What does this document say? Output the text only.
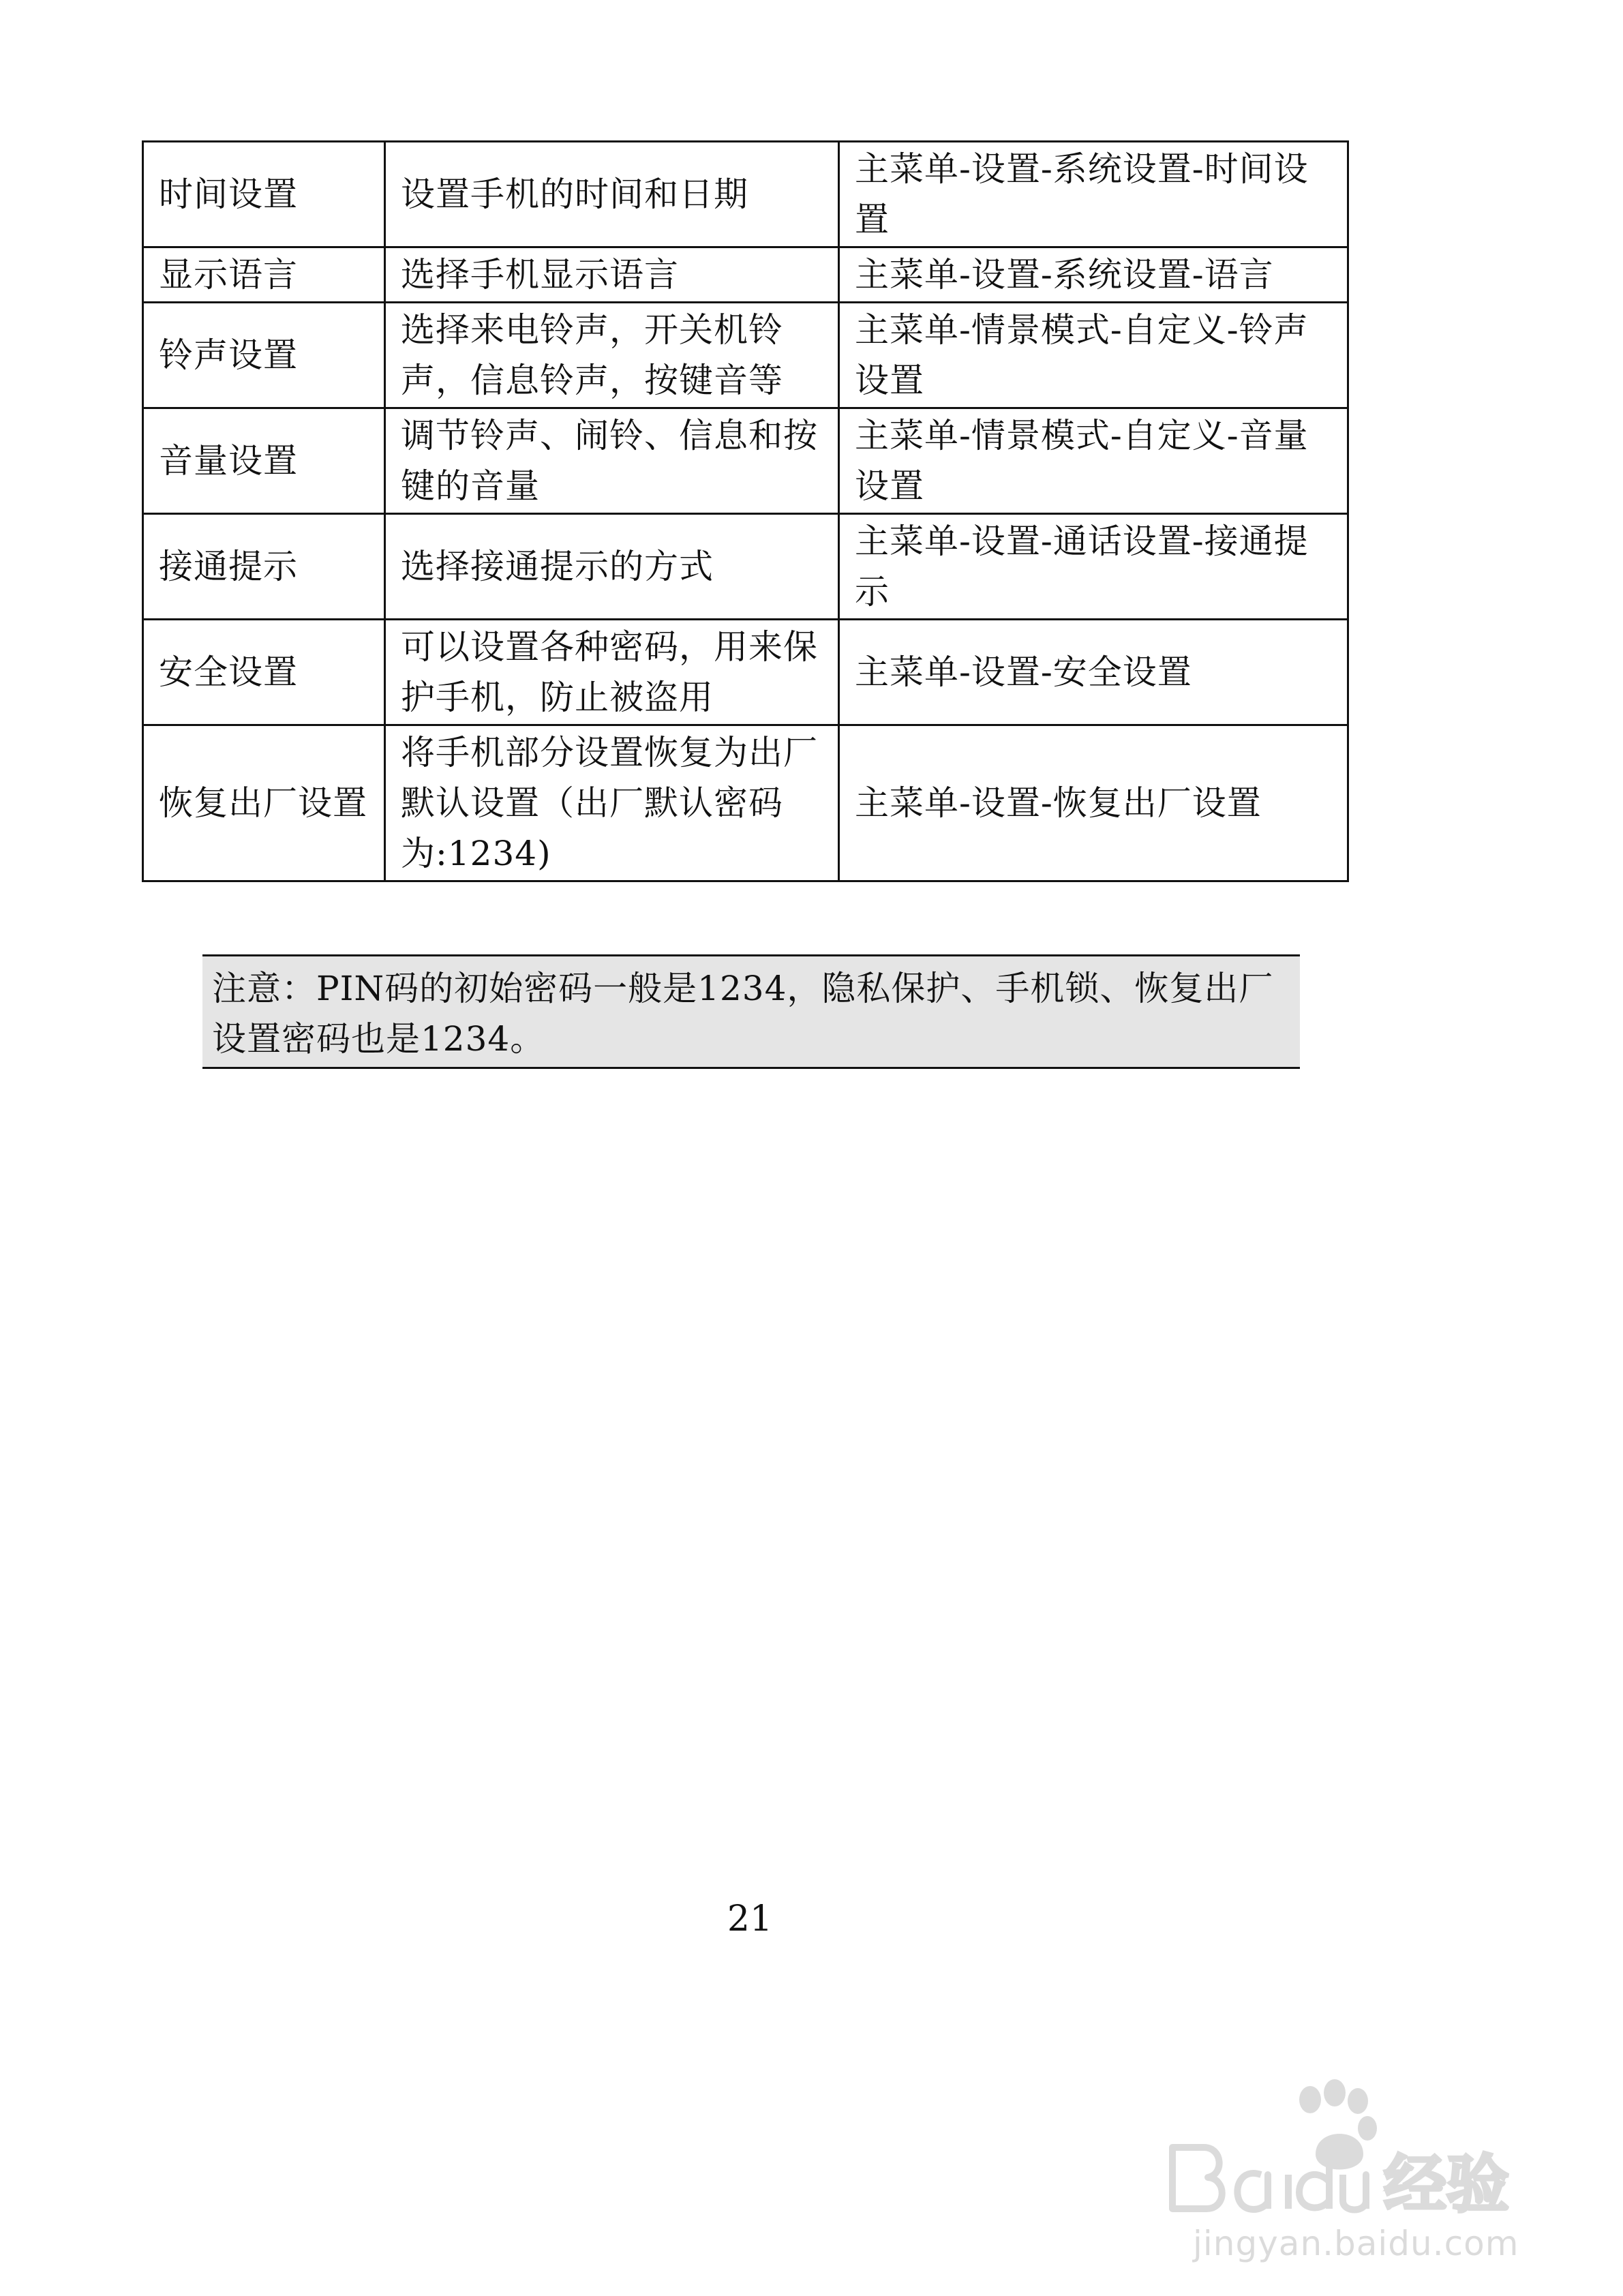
时间设置	设置手机的时间和日期	主菜单-设置-系统设置-时间设置
显示语言	选择手机显示语言	主菜单-设置-系统设置-语言
铃声设置	选择来电铃声，开关机铃声，信息铃声，按键音等	主菜单-情景模式-自定义-铃声设置
音量设置	调节铃声、闹铃、信息和按键的音量	主菜单-情景模式-自定义-音量设置
接通提示	选择接通提示的方式	主菜单-设置-通话设置-接通提示
安全设置	可以设置各种密码，用来保护手机，防止被盗用	主菜单-设置-安全设置
恢复出厂设置	将手机部分设置恢复为出厂默认设置（出厂默认密码为:1234)	主菜单-设置-恢复出厂设置
注意：PIN码的初始密码一般是1234，隐私保护、手机锁、恢复出厂设置密码也是1234。
21
经验
jingyan.baidu.com
